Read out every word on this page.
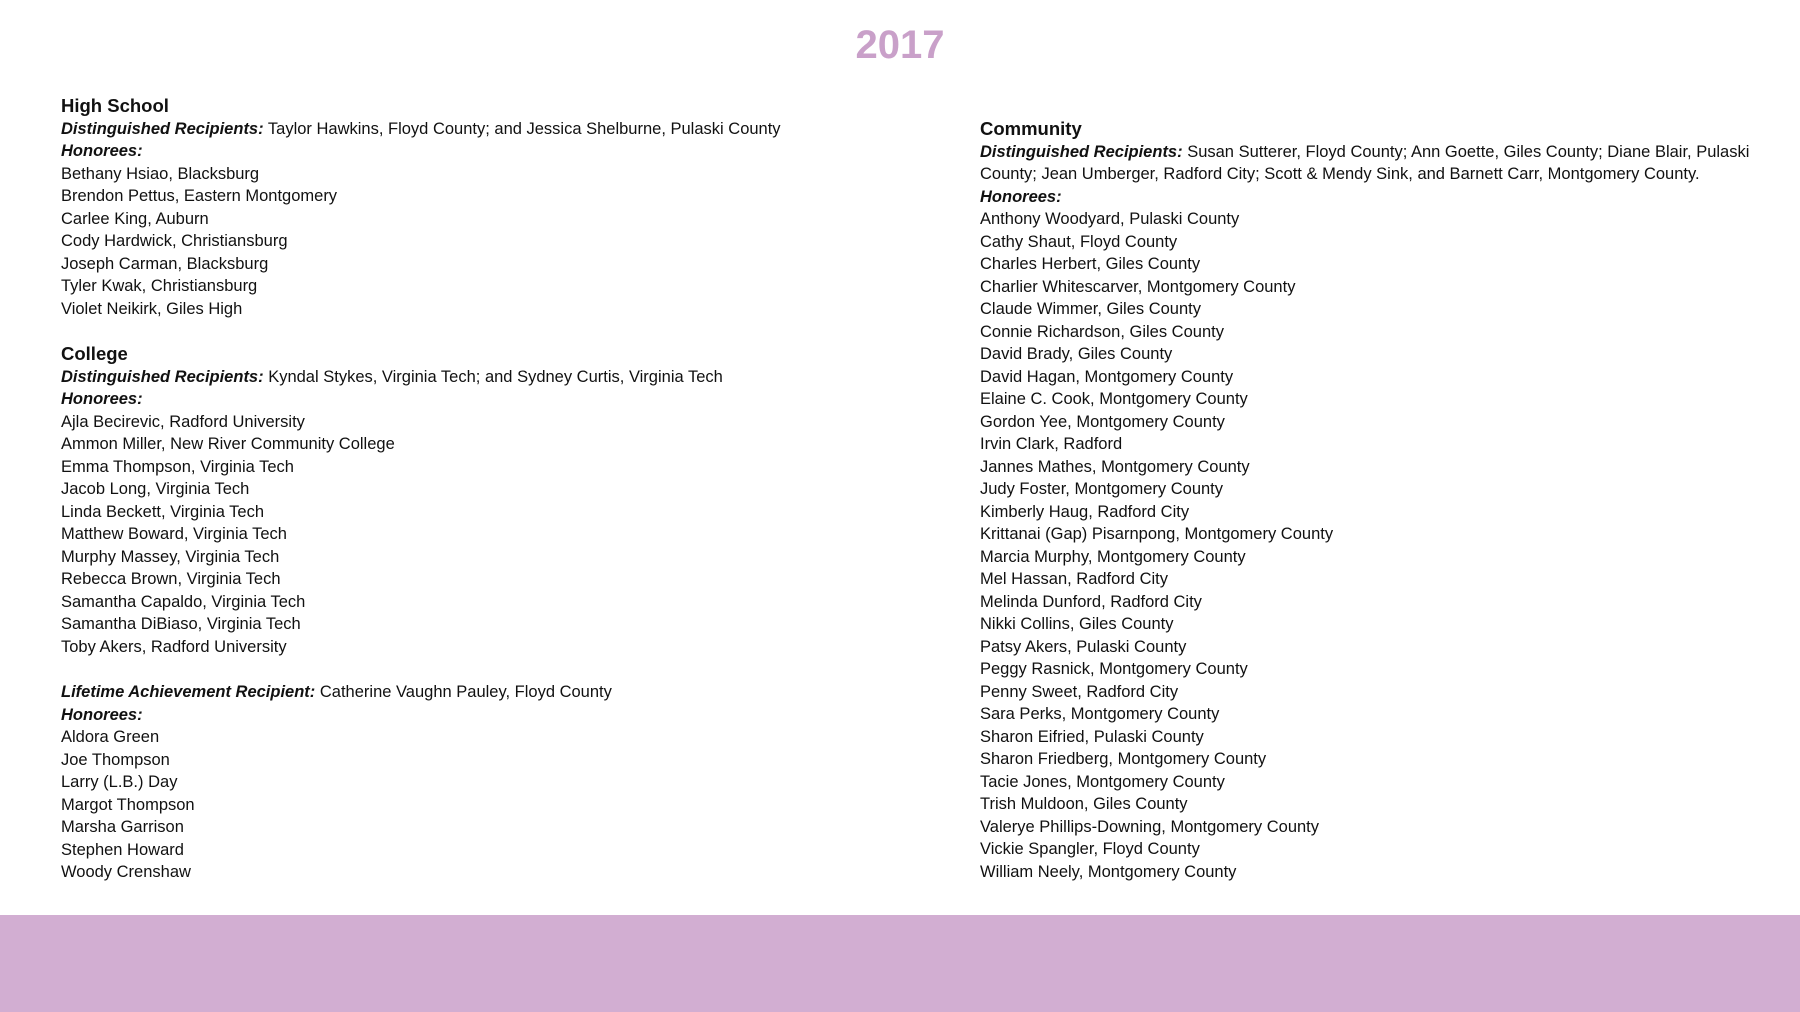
2017
High School
Distinguished Recipients: Taylor Hawkins, Floyd County; and Jessica Shelburne, Pulaski County
Honorees:
Bethany Hsiao, Blacksburg
Brendon Pettus, Eastern Montgomery
Carlee King, Auburn
Cody Hardwick, Christiansburg
Joseph Carman, Blacksburg
Tyler Kwak, Christiansburg
Violet Neikirk, Giles High
College
Distinguished Recipients: Kyndal Stykes, Virginia Tech; and Sydney Curtis, Virginia Tech
Honorees:
Ajla Becirevic, Radford University
Ammon Miller, New River Community College
Emma Thompson, Virginia Tech
Jacob Long, Virginia Tech
Linda Beckett, Virginia Tech
Matthew Boward, Virginia Tech
Murphy Massey, Virginia Tech
Rebecca Brown, Virginia Tech
Samantha Capaldo, Virginia Tech
Samantha DiBiaso, Virginia Tech
Toby Akers, Radford University
Lifetime Achievement Recipient: Catherine Vaughn Pauley, Floyd County
Honorees:
Aldora Green
Joe Thompson
Larry (L.B.) Day
Margot Thompson
Marsha Garrison
Stephen Howard
Woody Crenshaw
Community
Distinguished Recipients: Susan Sutterer, Floyd County; Ann Goette, Giles County; Diane Blair, Pulaski
County; Jean Umberger, Radford City; Scott & Mendy Sink, and Barnett Carr, Montgomery County.
Honorees:
Anthony Woodyard, Pulaski County
Cathy Shaut, Floyd County
Charles Herbert, Giles County
Charlier Whitescarver, Montgomery County
Claude Wimmer, Giles County
Connie Richardson, Giles County
David Brady, Giles County
David Hagan, Montgomery County
Elaine C. Cook, Montgomery County
Gordon Yee, Montgomery County
Irvin Clark, Radford
Jannes Mathes, Montgomery County
Judy Foster, Montgomery County
Kimberly Haug, Radford City
Krittanai (Gap) Pisarnpong, Montgomery County
Marcia Murphy, Montgomery County
Mel Hassan, Radford City
Melinda Dunford, Radford City
Nikki Collins, Giles County
Patsy Akers, Pulaski County
Peggy Rasnick, Montgomery County
Penny Sweet, Radford City
Sara Perks, Montgomery County
Sharon Eifried, Pulaski County
Sharon Friedberg, Montgomery County
Tacie Jones, Montgomery County
Trish Muldoon, Giles County
Valerye Phillips-Downing, Montgomery County
Vickie Spangler, Floyd County
William Neely, Montgomery County
